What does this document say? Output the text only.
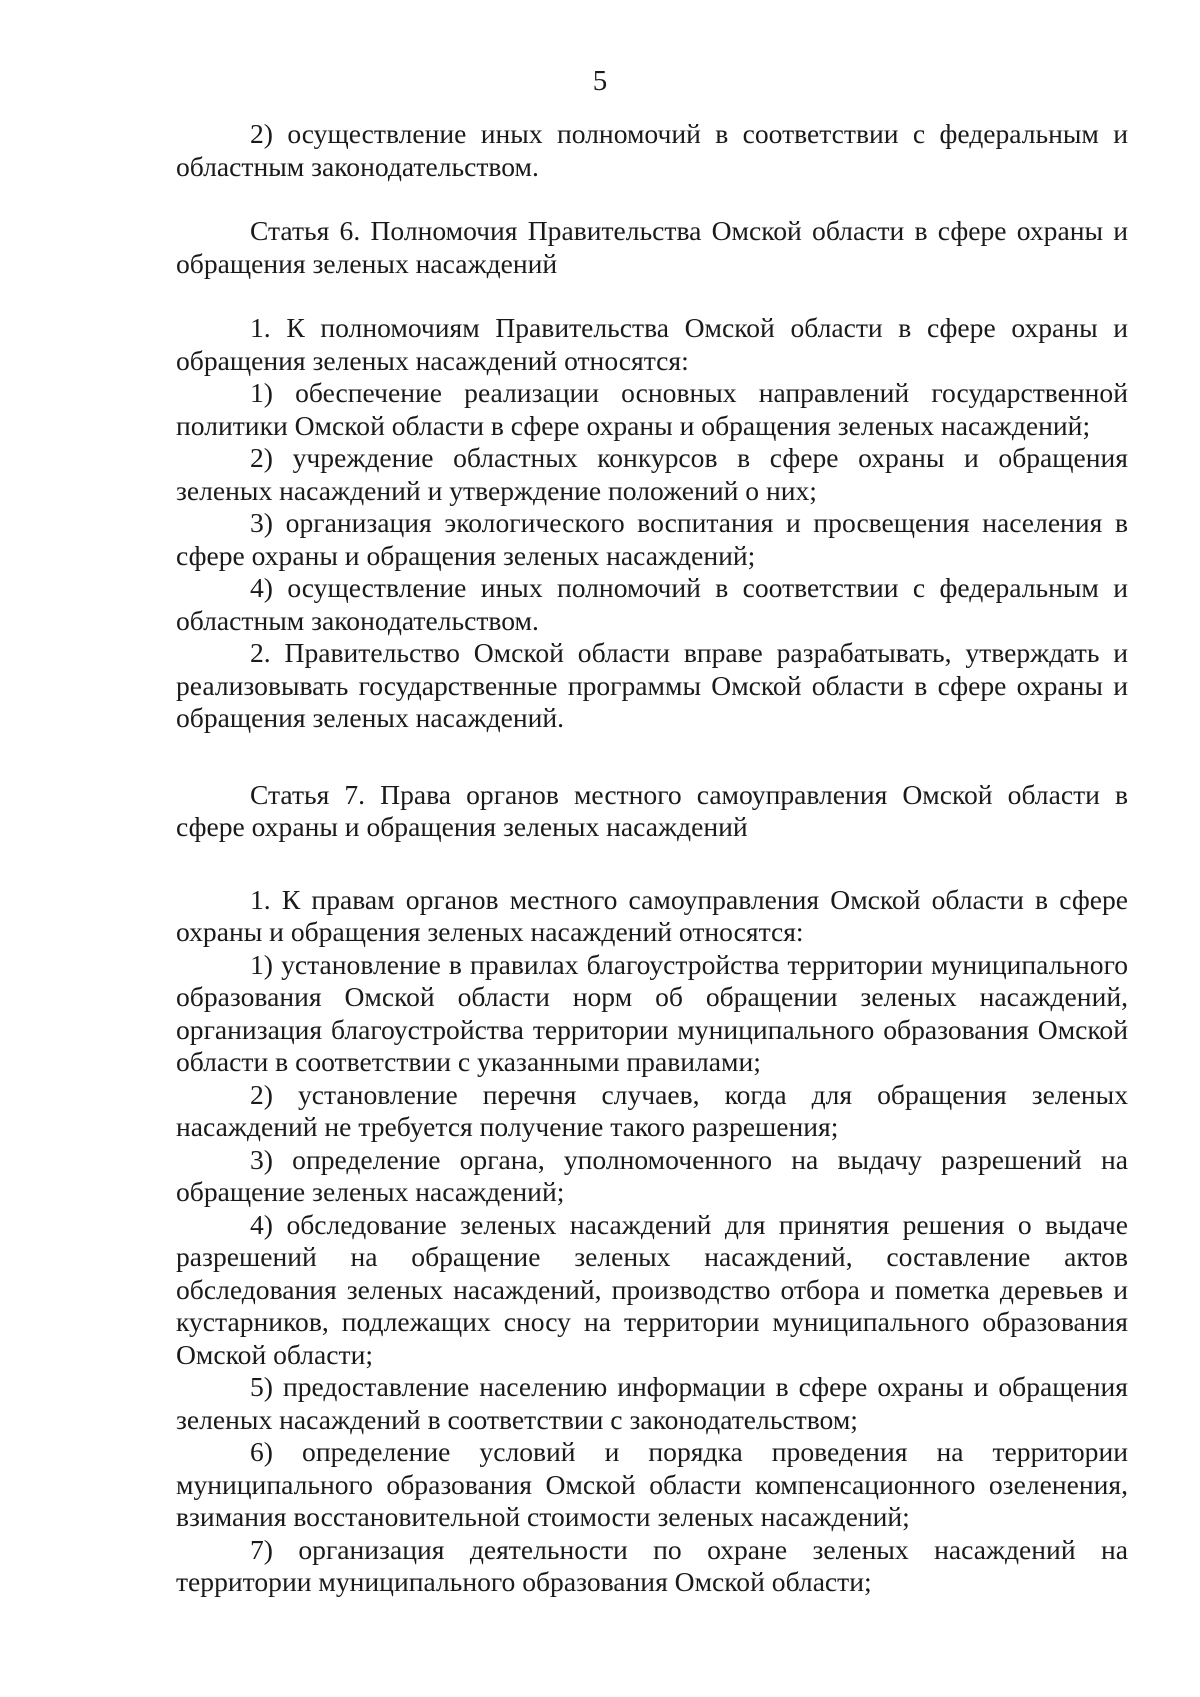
5

2) осуществление иных полномочий в соответствии с федеральным и областным законодательством.

Статья 6. Полномочия Правительства Омской области в сфере охраны и обращения зеленых насаждений

1. К полномочиям Правительства Омской области в сфере охраны и обращения зеленых насаждений относятся:

1) обеспечение реализации основных направлений государственной политики Омской области в сфере охраны и обращения зеленых насаждений;

2) учреждение областных конкурсов в сфере охраны и обращения зеленых насаждений и утверждение положений о них;

3) организация экологического воспитания и просвещения населения в сфере охраны и обращения зеленых насаждений;

4) осуществление иных полномочий в соответствии с федеральным и областным законодательством.

2. Правительство Омской области вправе разрабатывать, утверждать и реализовывать государственные программы Омской области в сфере охраны и обращения зеленых насаждений.

Статья 7. Права органов местного самоуправления Омской области в сфере охраны и обращения зеленых насаждений

1. К правам органов местного самоуправления Омской области в сфере охраны и обращения зеленых насаждений относятся:

1) установление в правилах благоустройства территории муниципального образования Омской области норм об обращении зеленых насаждений, организация благоустройства территории муниципального образования Омской области в соответствии с указанными правилами;

2) установление перечня случаев, когда для обращения зеленых насаждений не требуется получение такого разрешения;

3) определение органа, уполномоченного на выдачу разрешений на обращение зеленых насаждений;

4) обследование зеленых насаждений для принятия решения о выдаче разрешений на обращение зеленых насаждений, составление актов обследования зеленых насаждений, производство отбора и пометка деревьев и кустарников, подлежащих сносу на территории муниципального образования Омской области;

5) предоставление населению информации в сфере охраны и обращения зеленых насаждений в соответствии с законодательством;

6) определение условий и порядка проведения на территории муниципального образования Омской области компенсационного озеленения, взимания восстановительной стоимости зеленых насаждений;

7) организация деятельности по охране зеленых насаждений на территории муниципального образования Омской области;
